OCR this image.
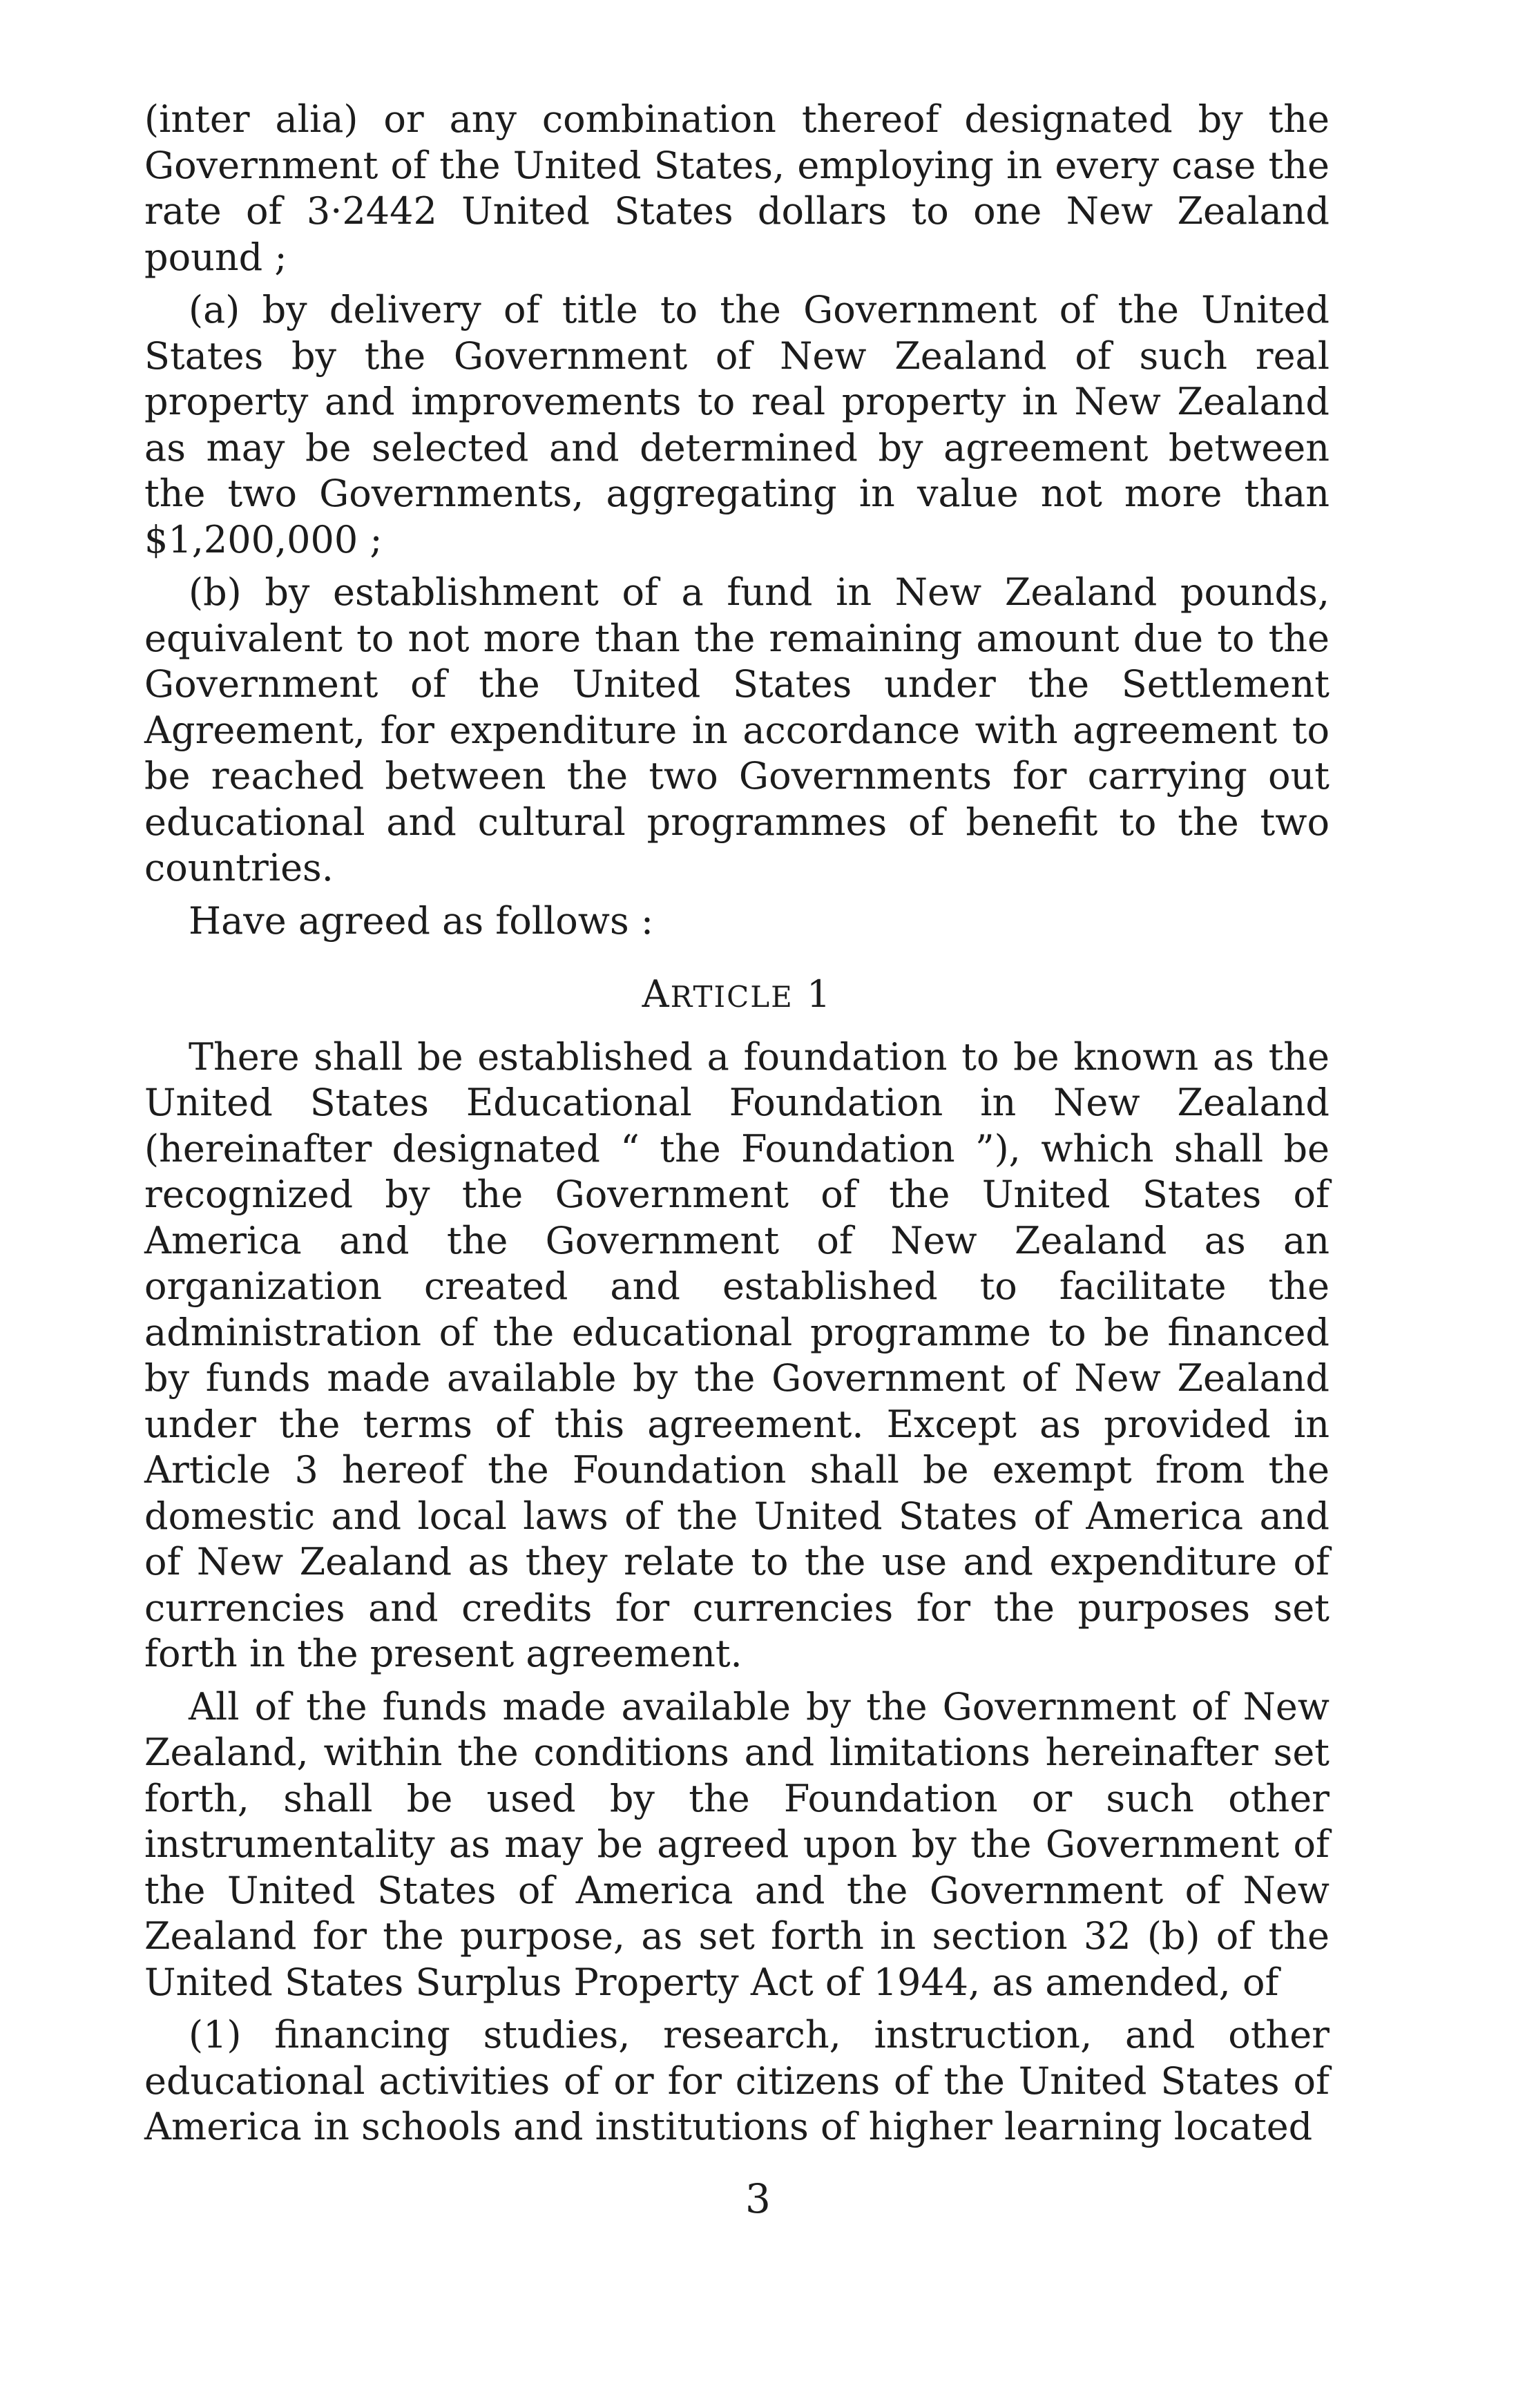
(inter alia) or any combination thereof designated by the Government of the United States, employing in every case the rate of 3·2442 United States dollars to one New Zealand pound ;

(a) by delivery of title to the Government of the United States by the Government of New Zealand of such real property and improvements to real property in New Zealand as may be selected and determined by agreement between the two Governments, aggregating in value not more than $1,200,000 ;

(b) by establishment of a fund in New Zealand pounds, equivalent to not more than the remaining amount due to the Government of the United States under the Settlement Agreement, for expenditure in accordance with agreement to be reached between the two Governments for carrying out educational and cultural programmes of benefit to the two countries.

Have agreed as follows :

ARTICLE 1

There shall be established a foundation to be known as the United States Educational Foundation in New Zealand (hereinafter designated “ the Foundation ”), which shall be recognized by the Government of the United States of America and the Government of New Zealand as an organization created and established to facilitate the administration of the educational programme to be financed by funds made available by the Government of New Zealand under the terms of this agreement. Except as provided in Article 3 hereof the Foundation shall be exempt from the domestic and local laws of the United States of America and of New Zealand as they relate to the use and expenditure of currencies and credits for currencies for the purposes set forth in the present agreement.

All of the funds made available by the Government of New Zealand, within the conditions and limitations hereinafter set forth, shall be used by the Foundation or such other instrumentality as may be agreed upon by the Government of the United States of America and the Government of New Zealand for the purpose, as set forth in section 32 (b) of the United States Surplus Property Act of 1944, as amended, of

(1) financing studies, research, instruction, and other educational activities of or for citizens of the United States of America in schools and institutions of higher learning located

3
